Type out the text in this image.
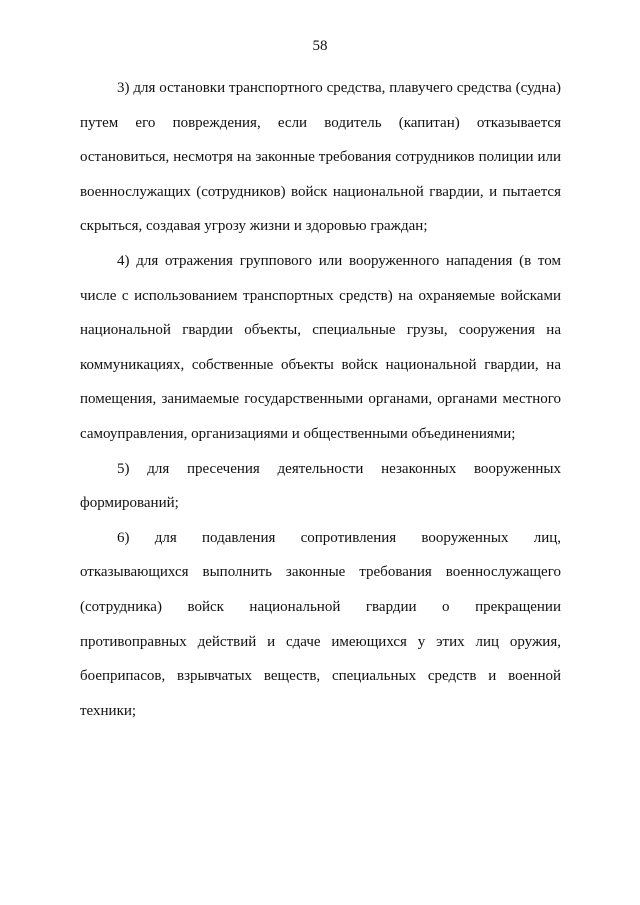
58

3) для остановки транспортного средства, плавучего средства (судна) путем его повреждения, если водитель (капитан) отказывается остановиться, несмотря на законные требования сотрудников полиции или военнослужащих (сотрудников) войск национальной гвардии, и пытается скрыться, создавая угрозу жизни и здоровью граждан;

4) для отражения группового или вооруженного нападения (в том числе с использованием транспортных средств) на охраняемые войсками национальной гвардии объекты, специальные грузы, сооружения на коммуникациях, собственные объекты войск национальной гвардии, на помещения, занимаемые государственными органами, органами местного самоуправления, организациями и общественными объединениями;

5) для пресечения деятельности незаконных вооруженных формирований;

6) для подавления сопротивления вооруженных лиц, отказывающихся выполнить законные требования военнослужащего (сотрудника) войск национальной гвардии о прекращении противоправных действий и сдаче имеющихся у этих лиц оружия, боеприпасов, взрывчатых веществ, специальных средств и военной техники;
